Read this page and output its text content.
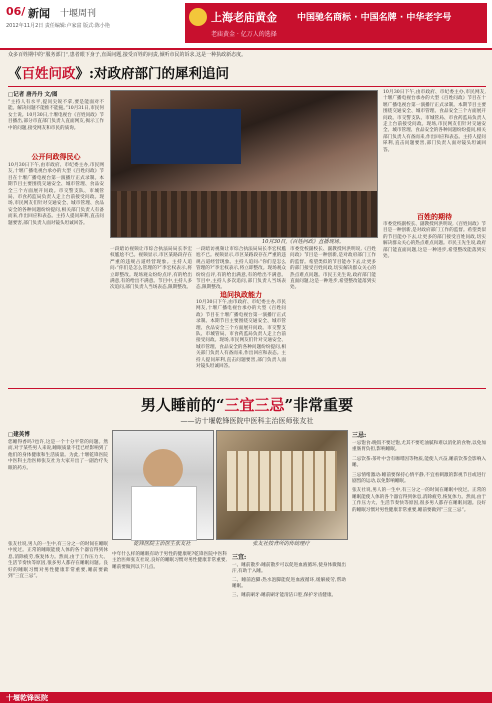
06/ 新闻 十堰周刊
2012年11月2日 责任编辑:卢家富 版式:陈小艳
上海老庙黄金 中国驰名商标 · 中国名牌 · 中华老字号
老庙黄金 · 亿万人的选择
众多百姓期中的“服务部门”,患者眼下身子,直面问题,接受百姓的问责,倾听市民的诉求,这是一种执政新态度。
《百姓问政》:对政府部门的犀利追问
□记者 唐丹丹 文/图
“主持人有水平,提问尖锐不拿,要是能面对不能。解决问题不能推不能拖。”10月31日,市民何女士说。10月30日,十堰电视台《百姓问政》节目播出,部分市直部门负责人直面网友,揭示工作中的问题,接受网友和市民的质询。
公开问政得民心
10月30日下午,由市政府、市纪委主办,市民网友,十堰广播电视台承办的大型《百姓问政》节目在十堰广播电视台第一演播厅正式录制。本期节目主要围绕交通安全、城市管理、食品安全三个方面展开问政。市交警支队、市城管局、市食药监局负责人走上台前接受问政。现场,市民网友们针对交通安全、城市管理、食品安全的各种问题纷纷提问,相关部门负责人有备而来,作出回应和表态。主持人提问犀利,直击问题要害,部门负责人面对镜头坦诚回答。
10月30日,《百姓问政》直播现场。
一段暗访视频让市综合执法局局长李宏权尴尬不已。视频显示,市区某路段存在严重的违规占道经营现象。主持人追问:“你们是怎么管理的?”李宏权表示,将立即整改。现场观众纷纷点评,有的给出满意,有的给出不满意。节目中,主持人多次追问,部门负责人当场表态,限期整改。
追问执政能力
一段暗访视频让市综合执法局局长李宏权尴尬不已。视频显示,市区某路段存在严重的违规占道经营现象。主持人追问:“你们是怎么管理的?”李宏权表示,将立即整改。现场观众纷纷点评,有的给出满意,有的给出不满意。节目中,主持人多次追问,部门负责人当场表态,限期整改。
10月30日下午,由市政府、市纪委主办,市民网友,十堰广播电视台承办的大型《百姓问政》节目在十堰广播电视台第一演播厅正式录制。本期节目主要围绕交通安全、城市管理、食品安全三个方面展开问政。市交警支队、市城管局、市食药监局负责人走上台前接受问政。现场,市民网友们针对交通安全、城市管理、食品安全的各种问题纷纷提问,相关部门负责人有备而来,作出回应和表态。主持人提问犀利,直击问题要害,部门负责人面对镜头坦诚回答。
市委党校副校长、副教授何洪明说,《百姓问政》节目是一种创新,是对政府部门工作的监督。希望类似的节目能办下去,让更多的部门接受百姓问政,切实解决群众关心的热点难点问题。市民王先生说,政府部门能直面问题,这是一种进步,希望整改能落到实处。
10月30日下午,由市政府、市纪委主办,市民网友,十堰广播电视台承办的大型《百姓问政》节目在十堰广播电视台第一演播厅正式录制。本期节目主要围绕交通安全、城市管理、食品安全三个方面展开问政。市交警支队、市城管局、市食药监局负责人走上台前接受问政。现场,市民网友们针对交通安全、城市管理、食品安全的各种问题纷纷提问,相关部门负责人有备而来,作出回应和表态。主持人提问犀利,直击问题要害,部门负责人面对镜头坦诚回答。
百姓的期待
市委党校副校长、副教授何洪明说,《百姓问政》节目是一种创新,是对政府部门工作的监督。希望类似的节目能办下去,让更多的部门接受百姓问政,切实解决群众关心的热点难点问题。市民王先生说,政府部门能直面问题,这是一种进步,希望整改能落到实处。
男人睡前的“三宜三忌”非常重要
——访十堰乾锋医院中医科主治医师张友社
□建英博
您睡得香吗?也许,这是一个十分平常的问题。然而,对于某些男人来说,睡眠质量不佳已经影响到了他们的身体健康和生活质量。为此,十堰乾锋医院中医科主治医师张友社为大家开出了一副治疗失眠的药方。
张友社说,男人的一生中,有三分之一的时间在睡眠中度过。正常的睡眠能使人体的各个器官得到休息,消除疲劳,恢复体力。然而,由于工作压力大、生活节奏快等原因,很多男人都存在睡眠问题。良好的睡眠习惯对男性健康非常重要,睡前要做到“三宜三忌”。
乾锋医院主治医生张友社	张友社按背所的传统理疗
中年什么样的睡眠有助于男性的健康呢?乾锋医院中医科主治医师张友社说,良好的睡眠习惯对男性健康非常重要,睡前要做到以下几点。
三宜:
一、睡前散步:睡前散步可以促进血液循环,使身体微微出汗,有助于入睡。
二、睡前泡脚:热水泡脚能促进血液循环,缓解疲劳,帮助睡眠。
三、睡前刷牙:睡前刷牙能清洁口腔,保护牙齿健康。
三忌:
一忌饱食:晚饭不要过饱,尤其不要吃油腻和难以消化的食物,以免加重肠胃负担,影响睡眠。
二忌饮茶:茶叶中含有咖啡因等物质,能使人兴奋,睡前饮茶会影响入睡。
三忌情绪激动:睡前要保持心情平静,不宜看刺激的影视节目或进行剧烈的运动,以免影响睡眠。
张友社说,男人的一生中,有三分之一的时间在睡眠中度过。正常的睡眠能使人体的各个器官得到休息,消除疲劳,恢复体力。然而,由于工作压力大、生活节奏快等原因,很多男人都存在睡眠问题。良好的睡眠习惯对男性健康非常重要,睡前要做到“三宜三忌”。
十堰乾锋医院
